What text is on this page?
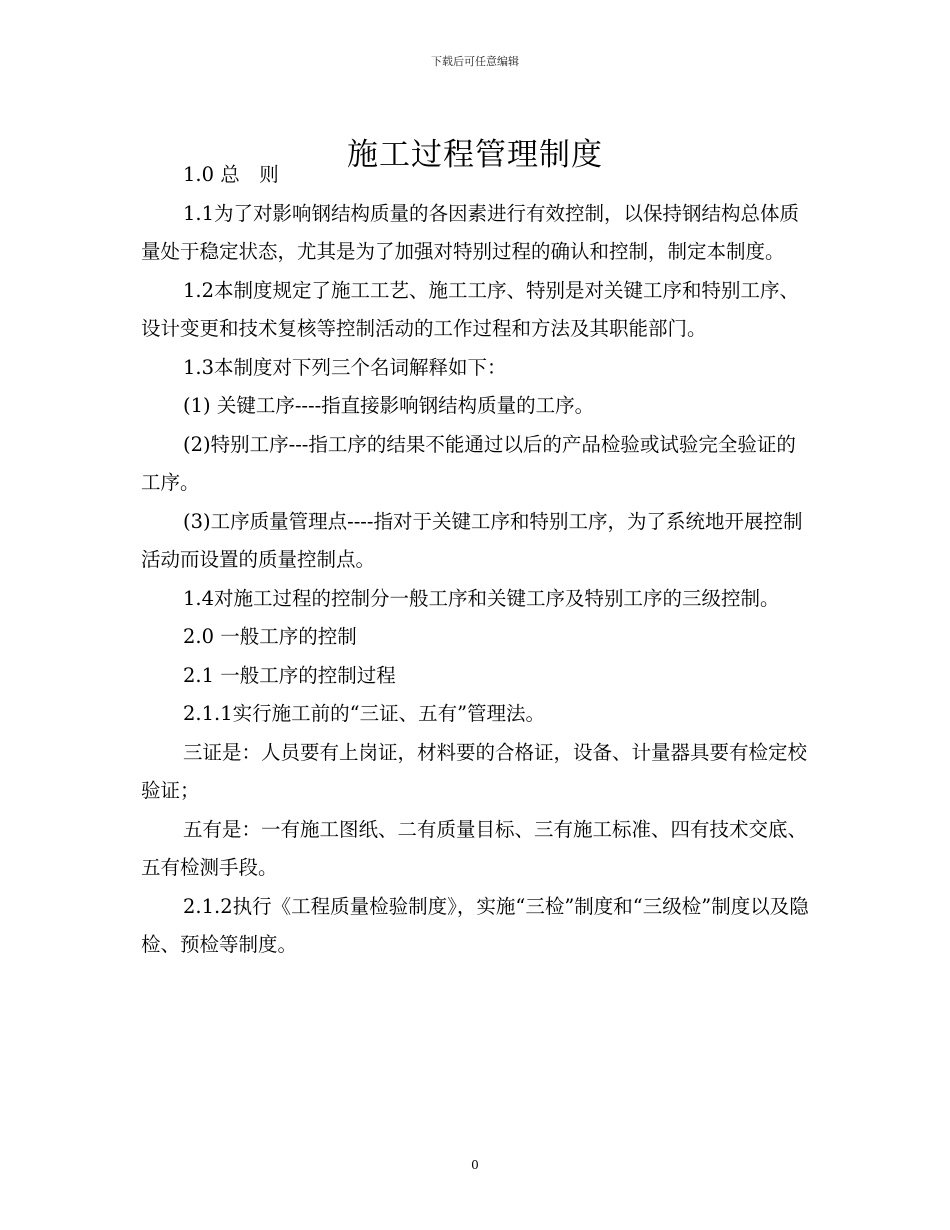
下载后可任意编辑
施工过程管理制度

1.0 总　则

1.1为了对影响钢结构质量的各因素进行有效控制，以保持钢结构总体质量处于稳定状态，尤其是为了加强对特别过程的确认和控制，制定本制度。

1.2本制度规定了施工工艺、施工工序、特别是对关键工序和特别工序、设计变更和技术复核等控制活动的工作过程和方法及其职能部门。

1.3本制度对下列三个名词解释如下：

(1) 关键工序----指直接影响钢结构质量的工序。

(2)特别工序---指工序的结果不能通过以后的产品检验或试验完全验证的工序。

(3)工序质量管理点----指对于关键工序和特别工序，为了系统地开展控制活动而设置的质量控制点。

1.4对施工过程的控制分一般工序和关键工序及特别工序的三级控制。

2.0 一般工序的控制

2.1 一般工序的控制过程

2.1.1实行施工前的“三证、五有”管理法。

三证是：人员要有上岗证，材料要的合格证，设备、计量器具要有检定校验证；

五有是：一有施工图纸、二有质量目标、三有施工标准、四有技术交底、五有检测手段。

2.1.2执行《工程质量检验制度》，实施“三检”制度和“三级检”制度以及隐检、预检等制度。

0
